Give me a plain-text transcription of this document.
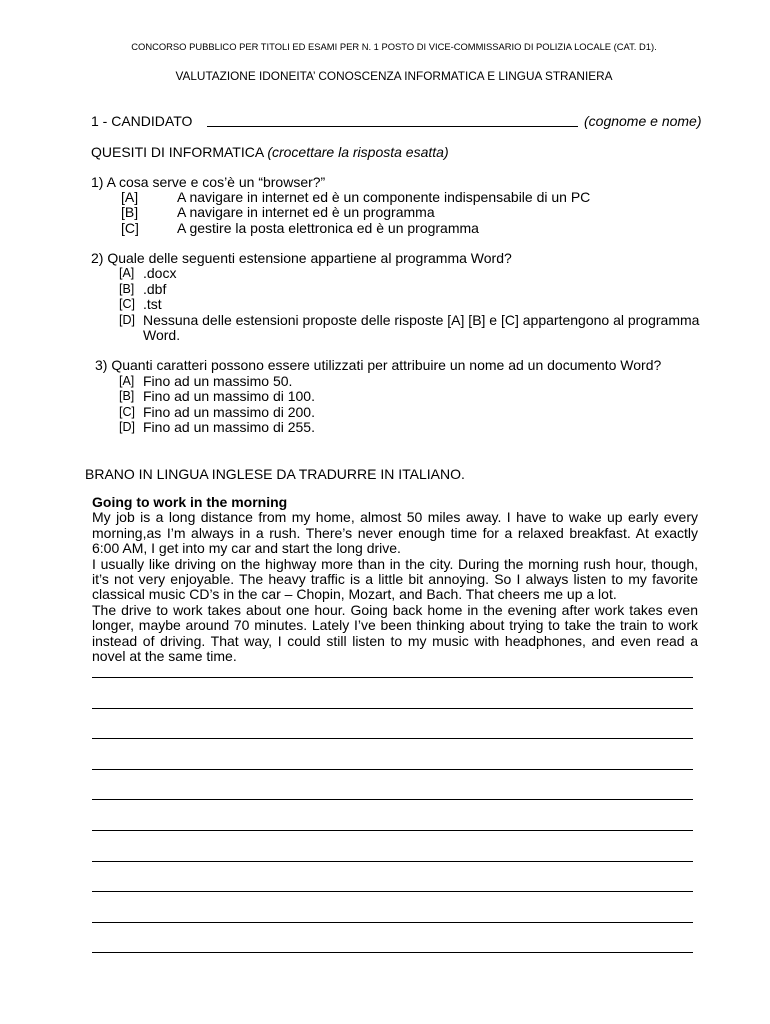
CONCORSO PUBBLICO PER TITOLI ED ESAMI PER N. 1 POSTO DI VICE-COMMISSARIO DI POLIZIA LOCALE (CAT. D1).
VALUTAZIONE IDONEITA’ CONOSCENZA INFORMATICA E LINGUA STRANIERA
1 - CANDIDATO	(cognome e nome)
QUESITI DI INFORMATICA (crocettare la risposta esatta)
1) A cosa serve e cos’è un “browser?”
[A]	A navigare in internet ed è un componente indispensabile di un PC
[B]	A navigare in internet ed è un programma
[C]	A gestire la posta elettronica ed è un programma
2) Quale delle seguenti estensione appartiene al programma Word?
[A] .docx
[B] .dbf
[C] .tst
[D] Nessuna delle estensioni proposte delle risposte [A] [B] e [C] appartengono al programma Word.
3) Quanti caratteri possono essere utilizzati per attribuire un nome ad un documento Word?
[A] Fino ad un massimo 50.
[B] Fino ad un massimo di 100.
[C] Fino ad un massimo di 200.
[D] Fino ad un massimo di 255.
BRANO IN LINGUA INGLESE DA TRADURRE IN ITALIANO.
Going to work in the morning
My job is a long distance from my home, almost 50 miles away. I have to wake up early every
morning,as I’m always in a rush. There’s never enough time for a relaxed breakfast. At exactly
6:00 AM, I get into my car and start the long drive.
I usually like driving on the highway more than in the city. During the morning rush hour, though,
it’s not very enjoyable. The heavy traffic is a little bit annoying. So I always listen to my favorite
classical music CD’s in the car – Chopin, Mozart, and Bach. That cheers me up a lot.
The drive to work takes about one hour. Going back home in the evening after work takes even
longer, maybe around 70 minutes. Lately I’ve been thinking about trying to take the train to work
instead of driving. That way, I could still listen to my music with headphones, and even read a
novel at the same time.
